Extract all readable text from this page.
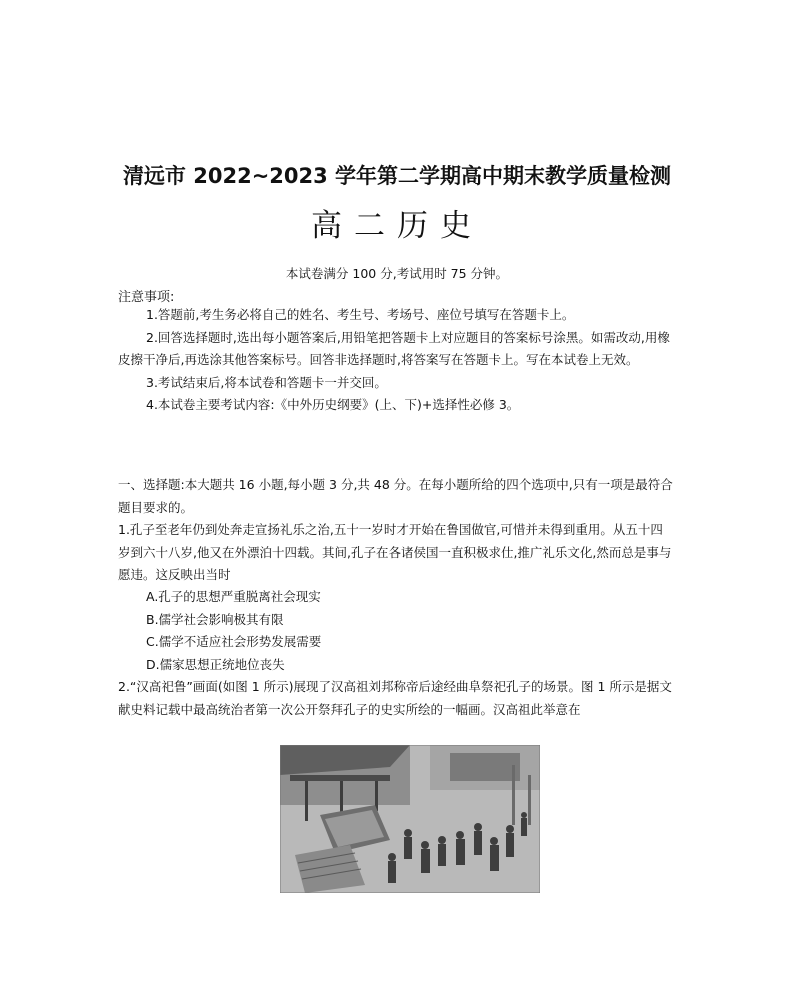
清远市 2022~2023 学年第二学期高中期末教学质量检测
高二历史
本试卷满分 100 分,考试用时 75 分钟。
注意事项:

1.答题前,考生务必将自己的姓名、考生号、考场号、座位号填写在答题卡上。

2.回答选择题时,选出每小题答案后,用铅笔把答题卡上对应题目的答案标号涂黑。如需改动,用橡皮擦干净后,再选涂其他答案标号。回答非选择题时,将答案写在答题卡上。写在本试卷上无效。

3.考试结束后,将本试卷和答题卡一并交回。

4.本试卷主要考试内容:《中外历史纲要》(上、下)+选择性必修 3。

一、选择题:本大题共 16 小题,每小题 3 分,共 48 分。在每小题所给的四个选项中,只有一项是最符合题目要求的。

1.孔子至老年仍到处奔走宣扬礼乐之治,五十一岁时才开始在鲁国做官,可惜并未得到重用。从五十四岁到六十八岁,他又在外漂泊十四载。其间,孔子在各诸侯国一直积极求仕,推广礼乐文化,然而总是事与愿违。这反映出当时

A.孔子的思想严重脱离社会现实
B.儒学社会影响极其有限
C.儒学不适应社会形势发展需要
D.儒家思想正统地位丧失

2.“汉高祀鲁”画面(如图 1 所示)展现了汉高祖刘邦称帝后途经曲阜祭祀孔子的场景。图 1 所示是据文献史料记载中最高统治者第一次公开祭拜孔子的史实所绘的一幅画。汉高祖此举意在
